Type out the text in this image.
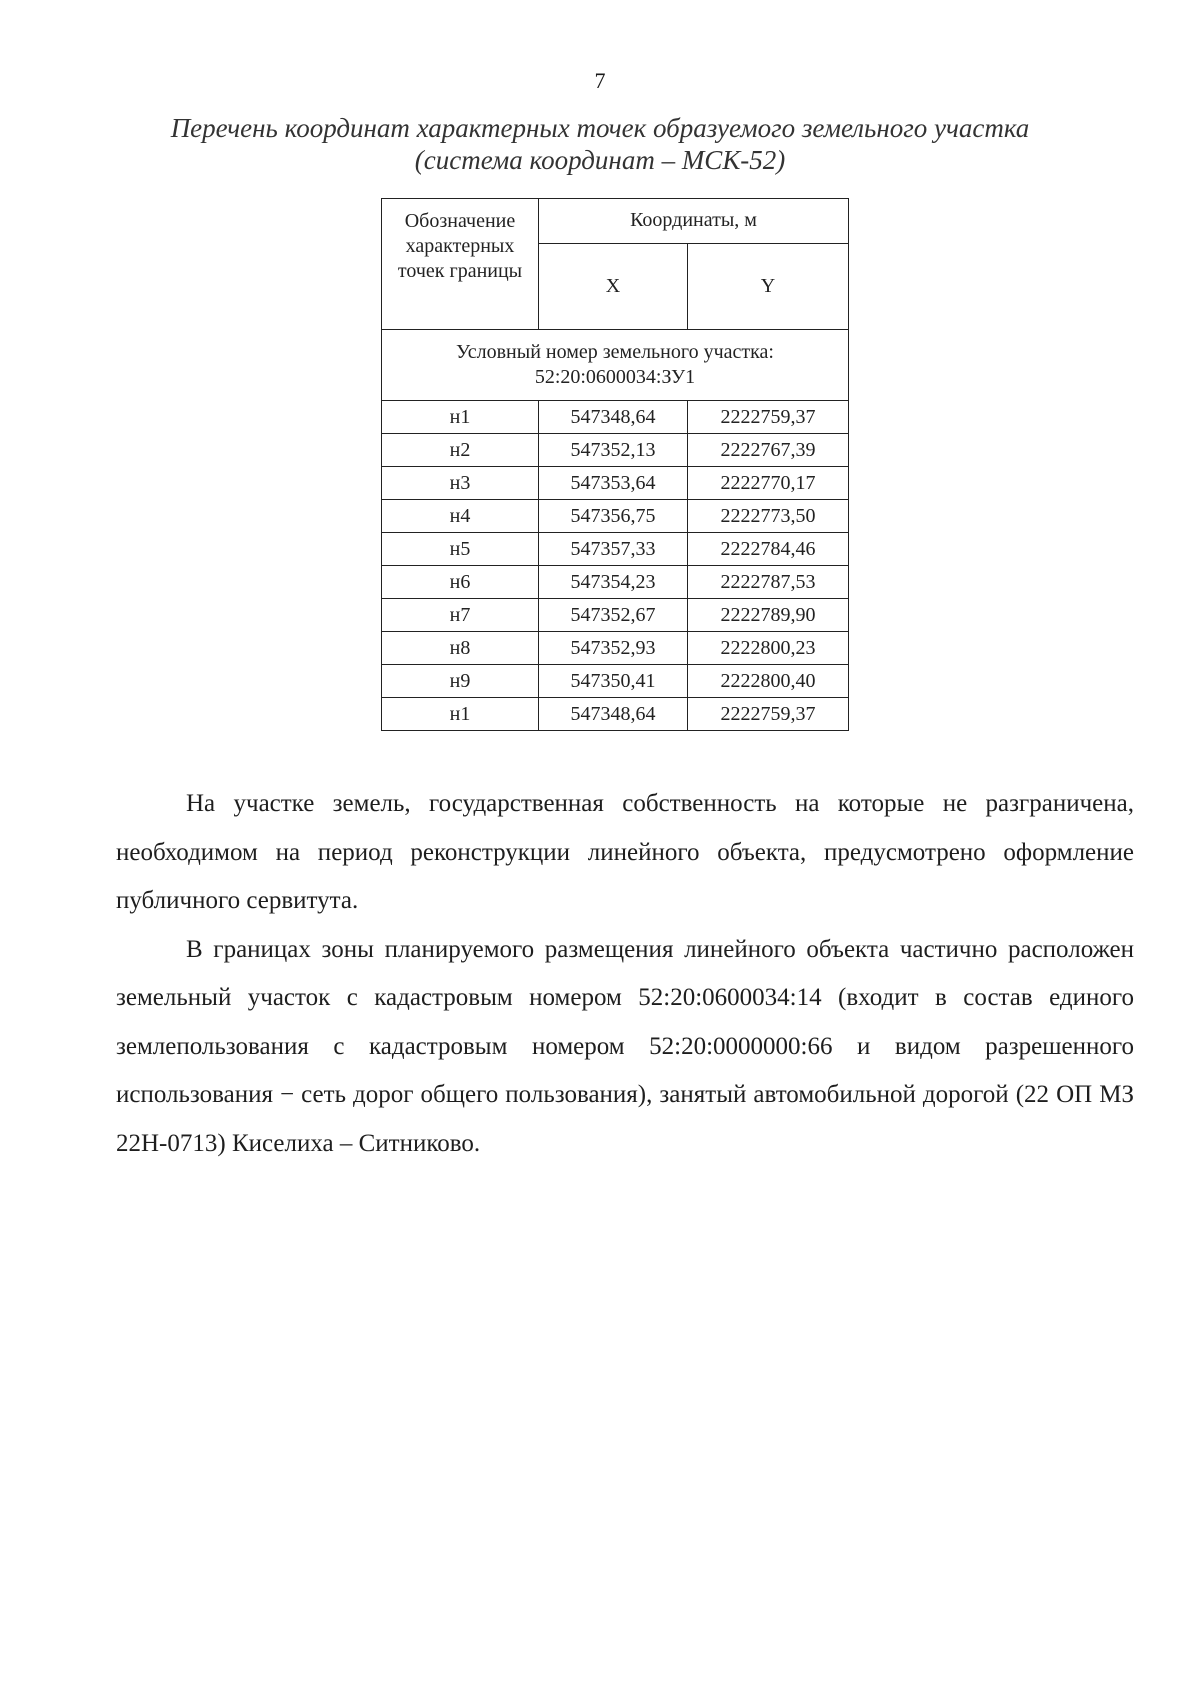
7
Перечень координат характерных точек образуемого земельного участка
(система координат – МСК-52)
Обозначение характерных точек границы	Координаты, м	
	X	Y

Условный номер земельного участка:
52:20:0600034:ЗУ1		

н1	547348,64	2222759,37
н2	547352,13	2222767,39
н3	547353,64	2222770,17
н4	547356,75	2222773,50
н5	547357,33	2222784,46
н6	547354,23	2222787,53
н7	547352,67	2222789,90
н8	547352,93	2222800,23
н9	547350,41	2222800,40
н1	547348,64	2222759,37

На участке земель, государственная собственность на которые не разграничена, необходимом на период реконструкции линейного объекта, предусмотрено оформление публичного сервитута.

В границах зоны планируемого размещения линейного объекта частично расположен земельный участок с кадастровым номером 52:20:0600034:14 (входит в состав единого землепользования с кадастровым номером 52:20:0000000:66 и видом разрешенного использования − сеть дорог общего пользования), занятый автомобильной дорогой (22 ОП МЗ 22Н-0713) Киселиха – Ситниково.
